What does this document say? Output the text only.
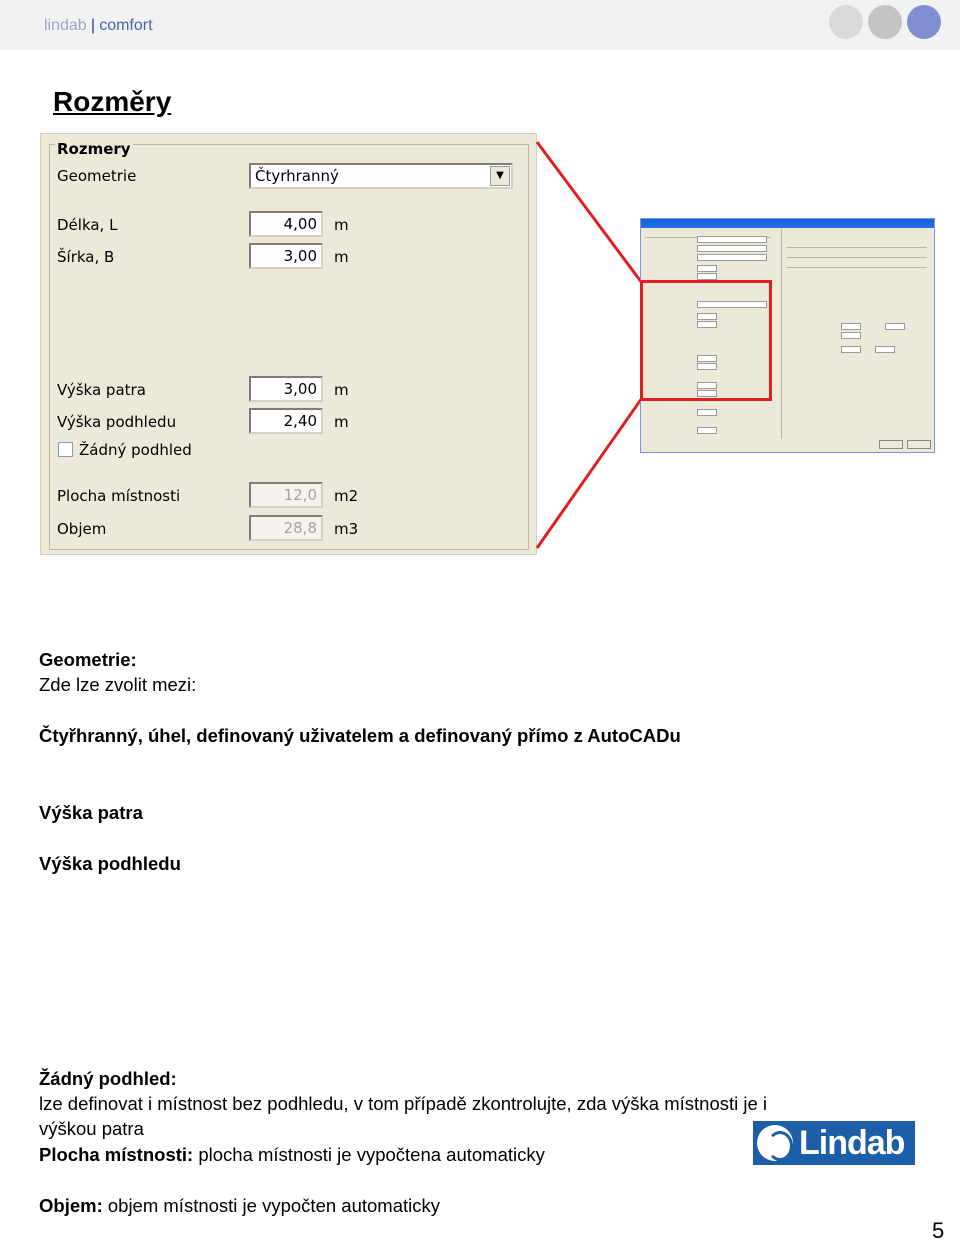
lindab | comfort
Rozměry
Rozmery
Geometrie	Čtyrhranný	▼
Délka, L	4,00	m
Šírka, B	3,00	m
Výška patra	3,00	m
Výška podhledu	2,40	m
Žádný podhled
Plocha místnosti	12,0	m2
Objem	28,8	m3
Geometrie:
Zde lze zvolit mezi:
Čtyřhranný, úhel, definovaný uživatelem a definovaný přímo z AutoCADu
Výška patra
Výška podhledu
Žádný podhled:
lze definovat i místnost bez podhledu, v tom případě zkontrolujte, zda výška místnosti je i
výškou patra
Plocha místnosti: plocha místnosti je vypočtena automaticky
Objem: objem místnosti je vypočten automaticky
Lindab
5
